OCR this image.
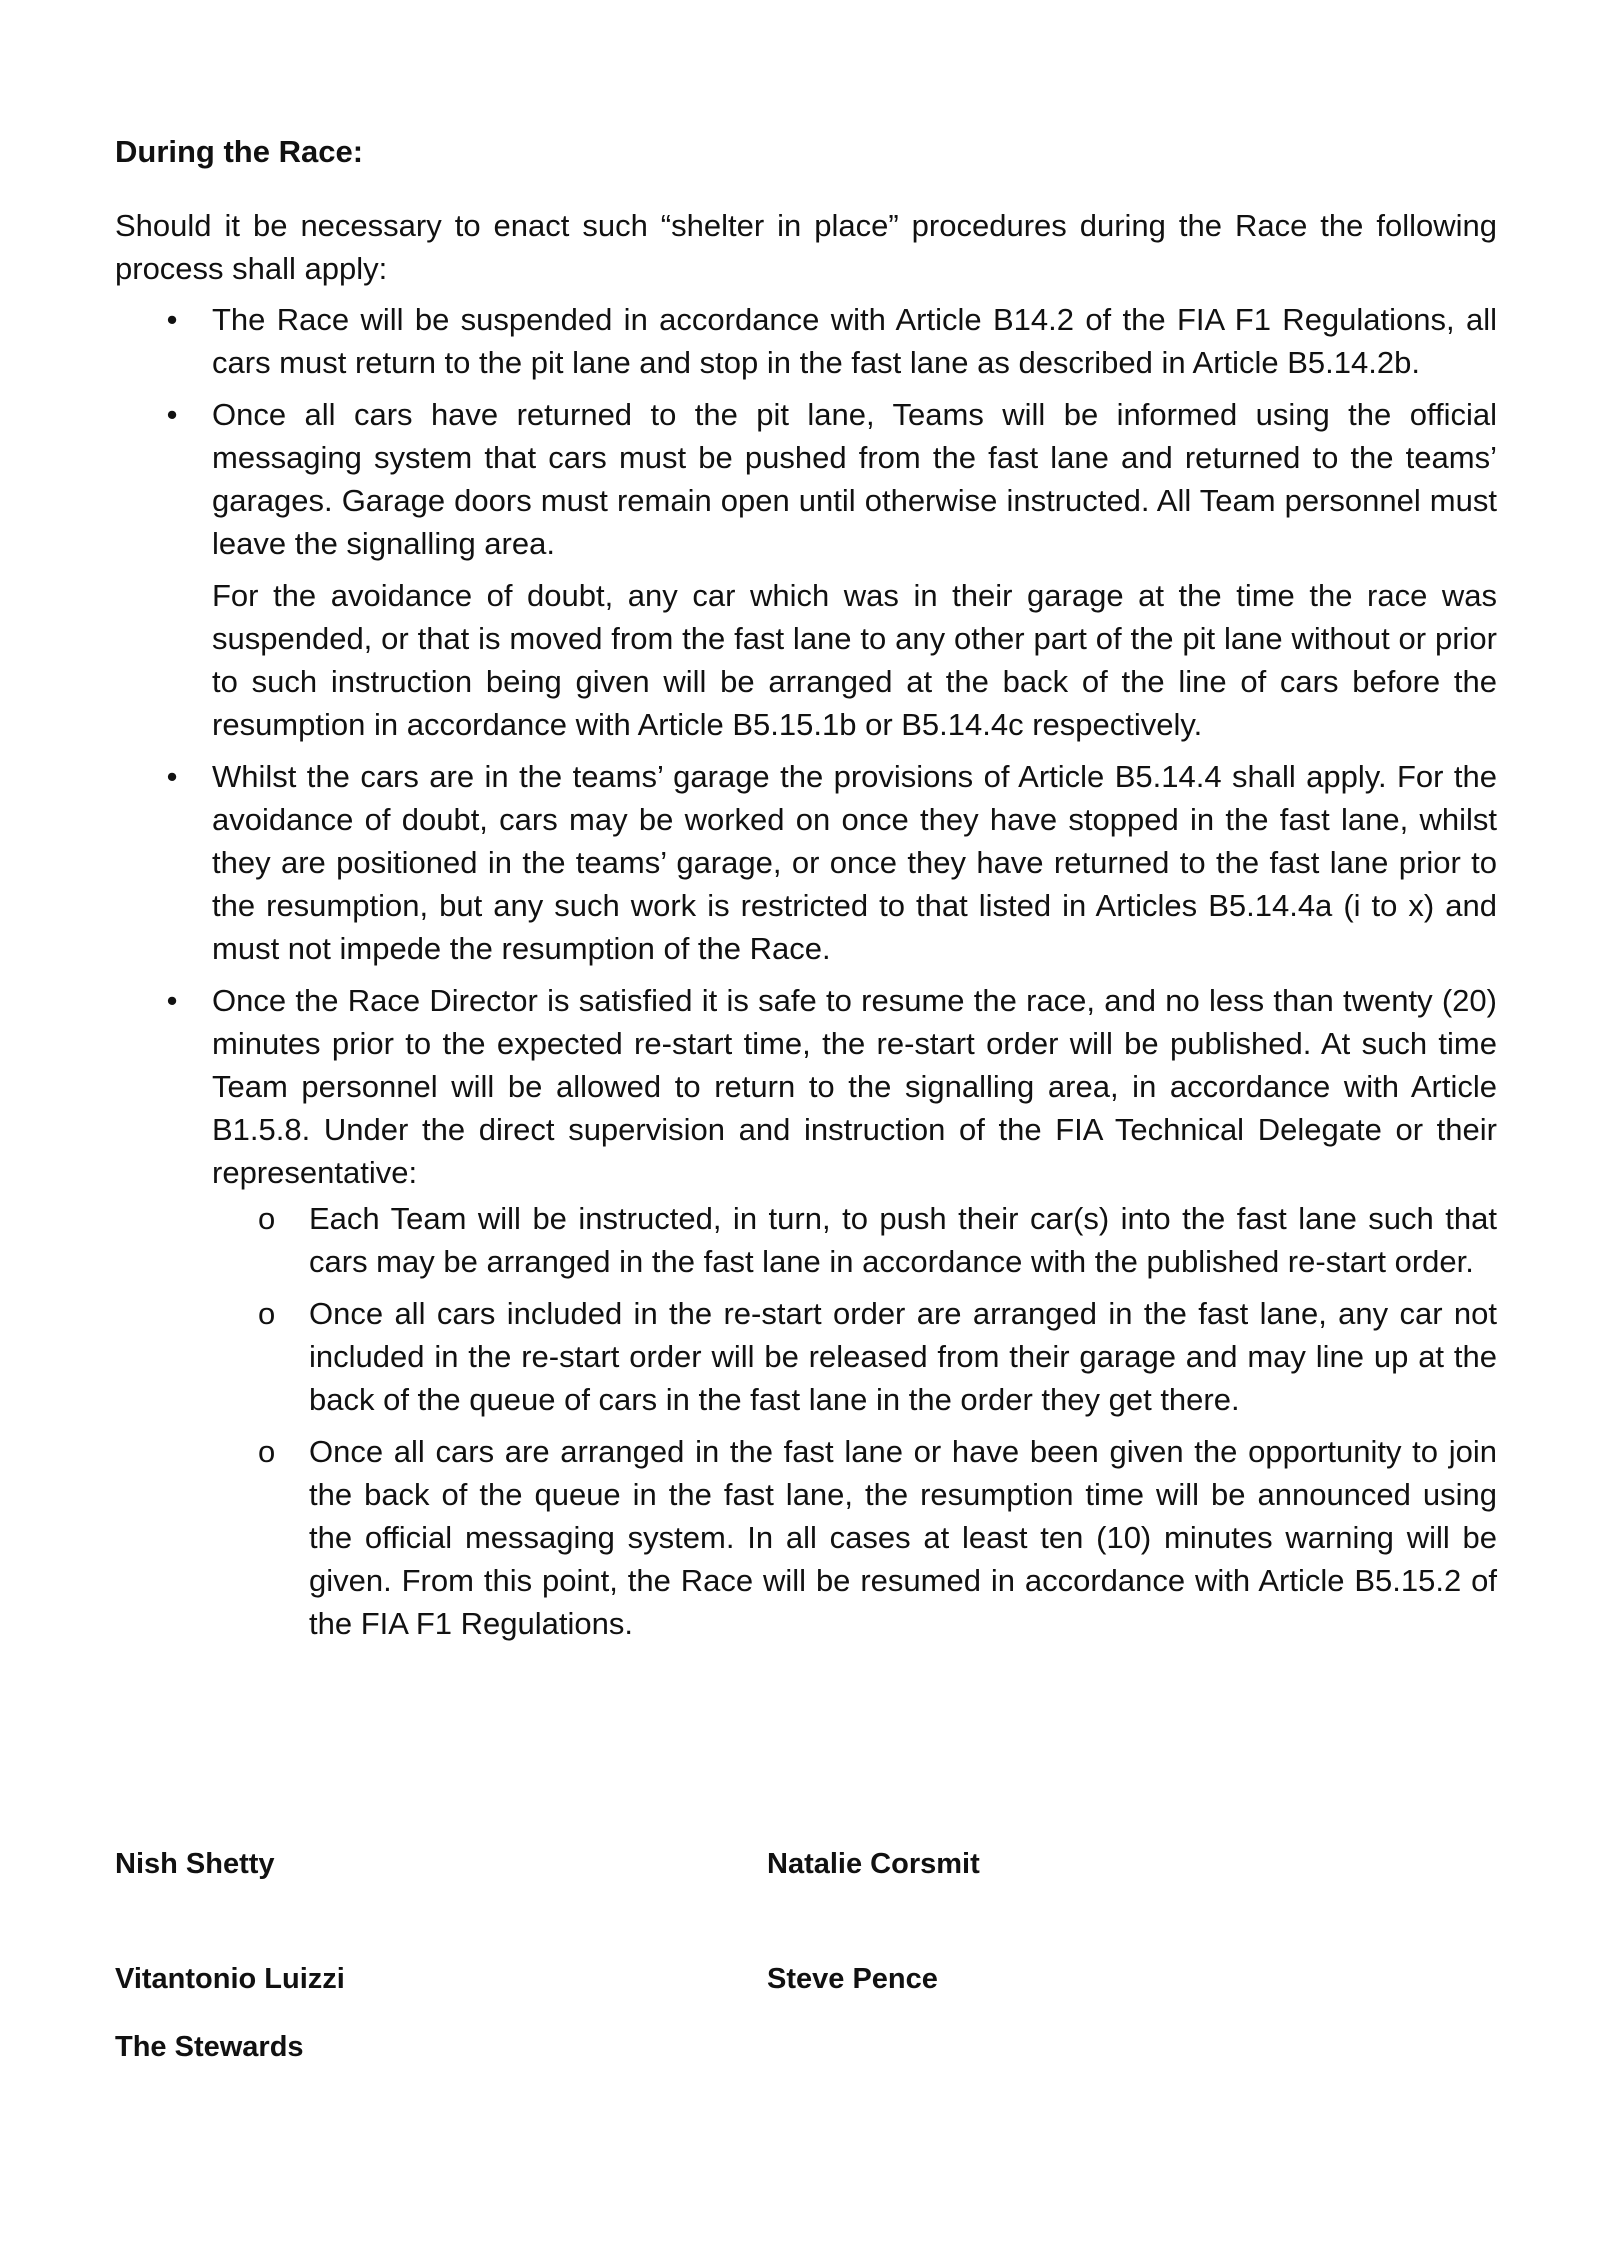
During the Race:
Should it be necessary to enact such “shelter in place” procedures during the Race the following process shall apply:
• The Race will be suspended in accordance with Article B14.2 of the FIA F1 Regulations, all cars must return to the pit lane and stop in the fast lane as described in Article B5.14.2b.

• Once all cars have returned to the pit lane, Teams will be informed using the official messaging system that cars must be pushed from the fast lane and returned to the teams’ garages. Garage doors must remain open until otherwise instructed. All Team personnel must leave the signalling area.

For the avoidance of doubt, any car which was in their garage at the time the race was suspended, or that is moved from the fast lane to any other part of the pit lane without or prior to such instruction being given will be arranged at the back of the line of cars before the resumption in accordance with Article B5.15.1b or B5.14.4c respectively.

• Whilst the cars are in the teams’ garage the provisions of Article B5.14.4 shall apply. For the avoidance of doubt, cars may be worked on once they have stopped in the fast lane, whilst they are positioned in the teams’ garage, or once they have returned to the fast lane prior to the resumption, but any such work is restricted to that listed in Articles B5.14.4a (i to x) and must not impede the resumption of the Race.

• Once the Race Director is satisfied it is safe to resume the race, and no less than twenty (20) minutes prior to the expected re-start time, the re-start order will be published. At such time Team personnel will be allowed to return to the signalling area, in accordance with Article B1.5.8. Under the direct supervision and instruction of the FIA Technical Delegate or their representative:

o Each Team will be instructed, in turn, to push their car(s) into the fast lane such that cars may be arranged in the fast lane in accordance with the published re-start order.
o Once all cars included in the re-start order are arranged in the fast lane, any car not included in the re-start order will be released from their garage and may line up at the back of the queue of cars in the fast lane in the order they get there.
o Once all cars are arranged in the fast lane or have been given the opportunity to join the back of the queue in the fast lane, the resumption time will be announced using the official messaging system. In all cases at least ten (10) minutes warning will be given. From this point, the Race will be resumed in accordance with Article B5.15.2 of the FIA F1 Regulations.
Nish Shetty	Natalie Corsmit
Vitantonio Luizzi	Steve Pence
The Stewards
